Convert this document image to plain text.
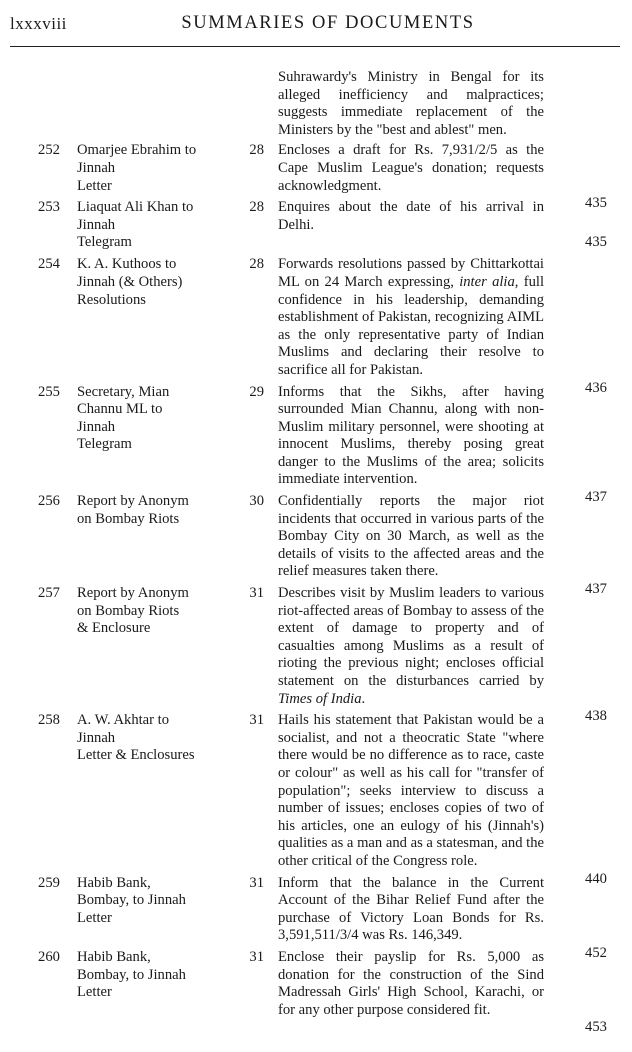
lxxxviii	SUMMARIES OF DOCUMENTS
Suhrawardy's Ministry in Bengal for its alleged inefficiency and malpractices; suggests immediate replacement of the Ministers by the "best and ablest" men.
252 Omarjee Ebrahim to
Jinnah
Letter
28 Encloses a draft for Rs. 7,931/2/5 as the Cape Muslim League's donation; requests acknowledgment.
435
253 Liaquat Ali Khan to
Jinnah
Telegram
28 Enquires about the date of his arrival in Delhi.
435
254 K. A. Kuthoos to
Jinnah (& Others)
Resolutions
28 Forwards resolutions passed by Chittarkottai ML on 24 March expressing, inter alia, full confidence in his leadership, demanding establishment of Pakistan, recognizing AIML as the only representative party of Indian Muslims and declaring their resolve to sacrifice all for Pakistan.
436
255 Secretary, Mian
Channu ML to
Jinnah
Telegram
29 Informs that the Sikhs, after having surrounded Mian Channu, along with non-Muslim military personnel, were shooting at innocent Muslims, thereby posing great danger to the Muslims of the area; solicits immediate intervention.
437
256 Report by Anonym
on Bombay Riots
30 Confidentially reports the major riot incidents that occurred in various parts of the Bombay City on 30 March, as well as the details of visits to the affected areas and the relief measures taken there.
437
257 Report by Anonym
on Bombay Riots
& Enclosure
31 Describes visit by Muslim leaders to various riot-affected areas of Bombay to assess of the extent of damage to property and of casualties among Muslims as a result of rioting the previous night; encloses official statement on the disturbances carried by Times of India.
438
258 A. W. Akhtar to
Jinnah
Letter & Enclosures
31 Hails his statement that Pakistan would be a socialist, and not a theocratic State "where there would be no difference as to race, caste or colour" as well as his call for "transfer of population"; seeks interview to discuss a number of issues; encloses copies of two of his articles, one an eulogy of his (Jinnah's) qualities as a man and as a statesman, and the other critical of the Congress role.
440
259 Habib Bank,
Bombay, to Jinnah
Letter
31 Inform that the balance in the Current Account of the Bihar Relief Fund after the purchase of Victory Loan Bonds for Rs. 3,591,511/3/4 was Rs. 146,349.
452
260 Habib Bank,
Bombay, to Jinnah
Letter
31 Enclose their payslip for Rs. 5,000 as donation for the construction of the Sind Madressah Girls' High School, Karachi, or for any other purpose considered fit.
453
